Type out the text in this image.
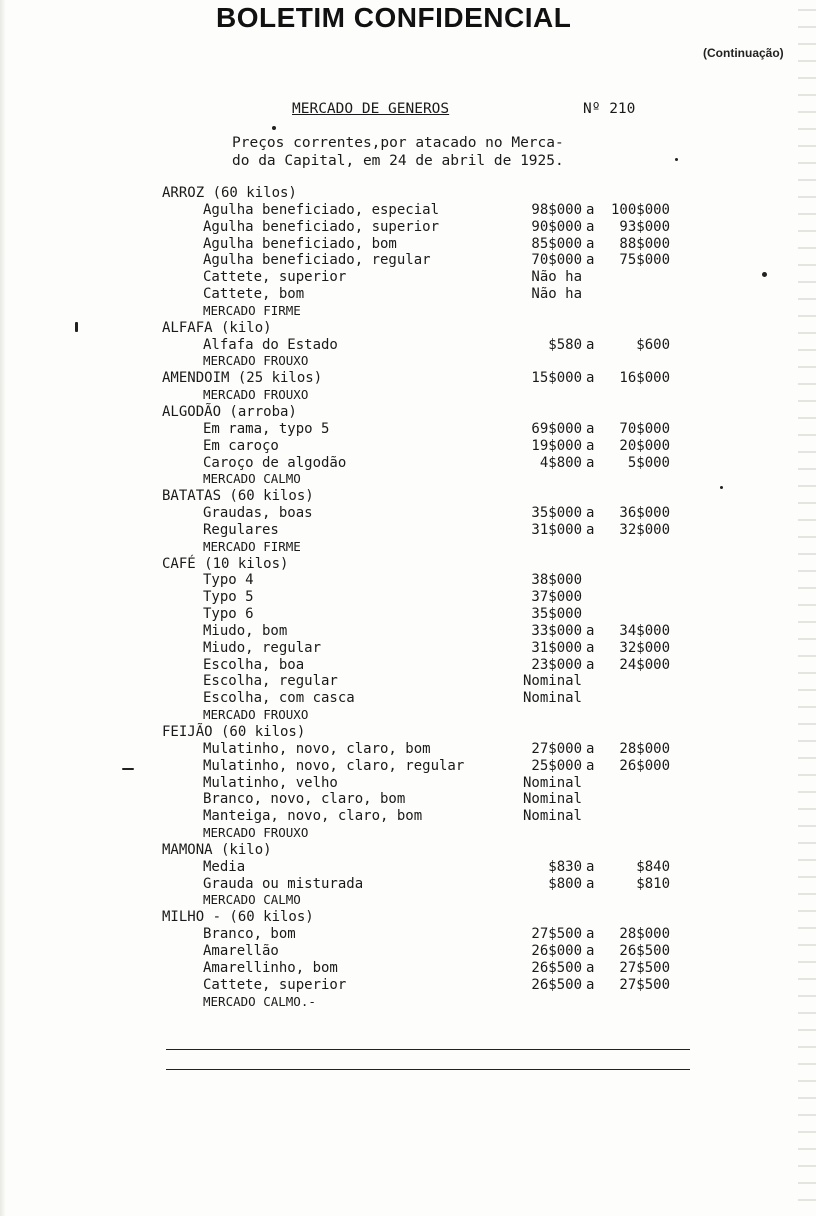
BOLETIM CONFIDENCIAL
(Continuação)
MERCADO DE GENEROS	Nº 210
Preços correntes,por atacado no Merca-
do da Capital, em 24 de abril de 1925.
ARROZ (60 kilos)
Agulha beneficiado, especial	98$000 a 100$000
Agulha beneficiado, superior	90$000 a 93$000
Agulha beneficiado, bom	85$000 a 88$000
Agulha beneficiado, regular	70$000 a 75$000
Cattete, superior	Não ha
Cattete, bom	Não ha
MERCADO FIRME
ALFAFA (kilo)
Alfafa do Estado	$580 a	$600
MERCADO FROUXO
AMENDOIM (25 kilos)	15$000 a 16$000
MERCADO FROUXO
ALGODÃO (arroba)
Em rama, typo 5	69$000 a 70$000
Em caroço	19$000 a 20$000
Caroço de algodão	4$800 a 5$000
MERCADO CALMO
BATATAS (60 kilos)
Graudas, boas	35$000 a 36$000
Regulares	31$000 a 32$000
MERCADO FIRME
CAFÉ (10 kilos)
Typo 4	38$000
Typo 5	37$000
Typo 6	35$000
Miudo, bom	33$000 a 34$000
Miudo, regular	31$000 a 32$000
Escolha, boa	23$000 a 24$000
Escolha, regular	Nominal
Escolha, com casca	Nominal
MERCADO FROUXO
FEIJÃO (60 kilos)
Mulatinho, novo, claro, bom	27$000 a 28$000
Mulatinho, novo, claro, regular	25$000 a 26$000
Mulatinho, velho	Nominal
Branco, novo, claro, bom	Nominal
Manteiga, novo, claro, bom	Nominal
MERCADO FROUXO
MAMONA (kilo)
Media	$830 a	$840
Grauda ou misturada	$800 a	$810
MERCADO CALMO
MILHO - (60 kilos)
Branco, bom	27$500 a 28$000
Amarellão	26$000 a 26$500
Amarellinho, bom	26$500 a 27$500
Cattete, superior	26$500 a 27$500
MERCADO CALMO.-
